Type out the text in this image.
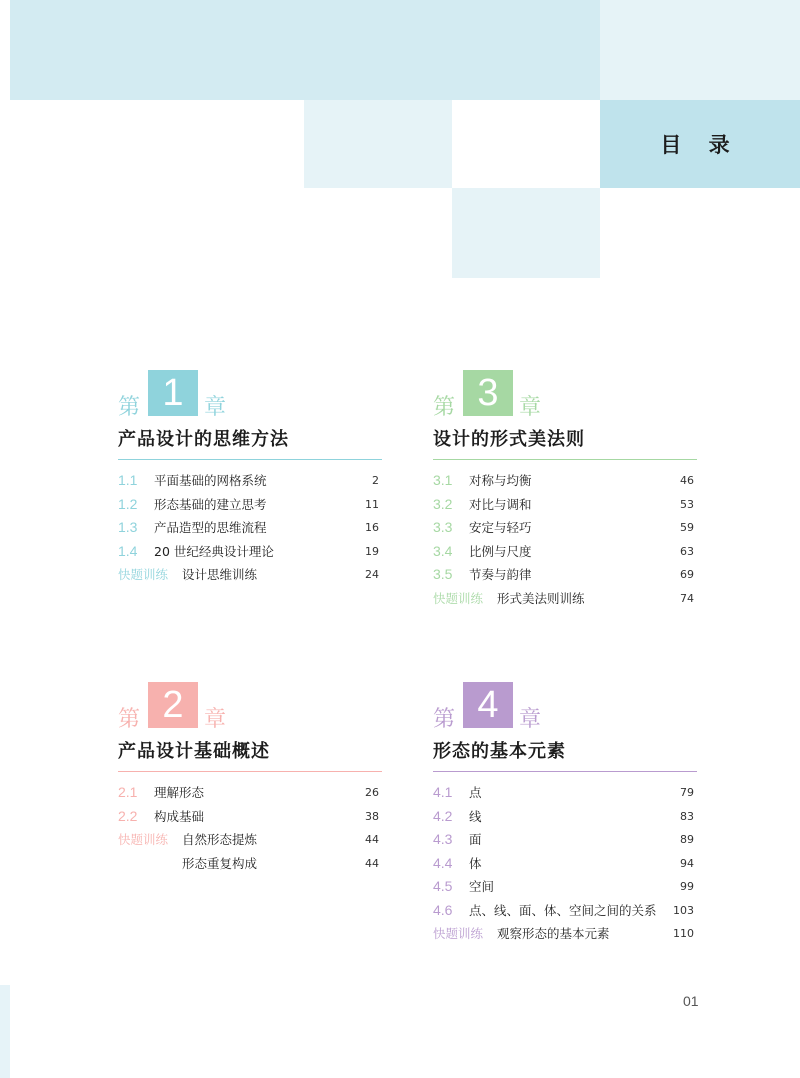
目 录
第 1 章
产品设计的思维方法
1.1 平面基础的网格系统	2
1.2 形态基础的建立思考	11
1.3 产品造型的思维流程	16
1.4 20 世纪经典设计理论	19
快题训练 设计思维训练	24
第 3 章
设计的形式美法则
3.1 对称与均衡	46
3.2 对比与调和	53
3.3 安定与轻巧	59
3.4 比例与尺度	63
3.5 节奏与韵律	69
快题训练 形式美法则训练	74
第 2 章
产品设计基础概述
2.1 理解形态	26
2.2 构成基础	38
快题训练 自然形态提炼	44
形态重复构成	44
第 4 章
形态的基本元素
4.1 点	79
4.2 线	83
4.3 面	89
4.4 体	94
4.5 空间	99
4.6 点、线、面、体、空间之间的关系 103
快题训练 观察形态的基本元素	110
01
